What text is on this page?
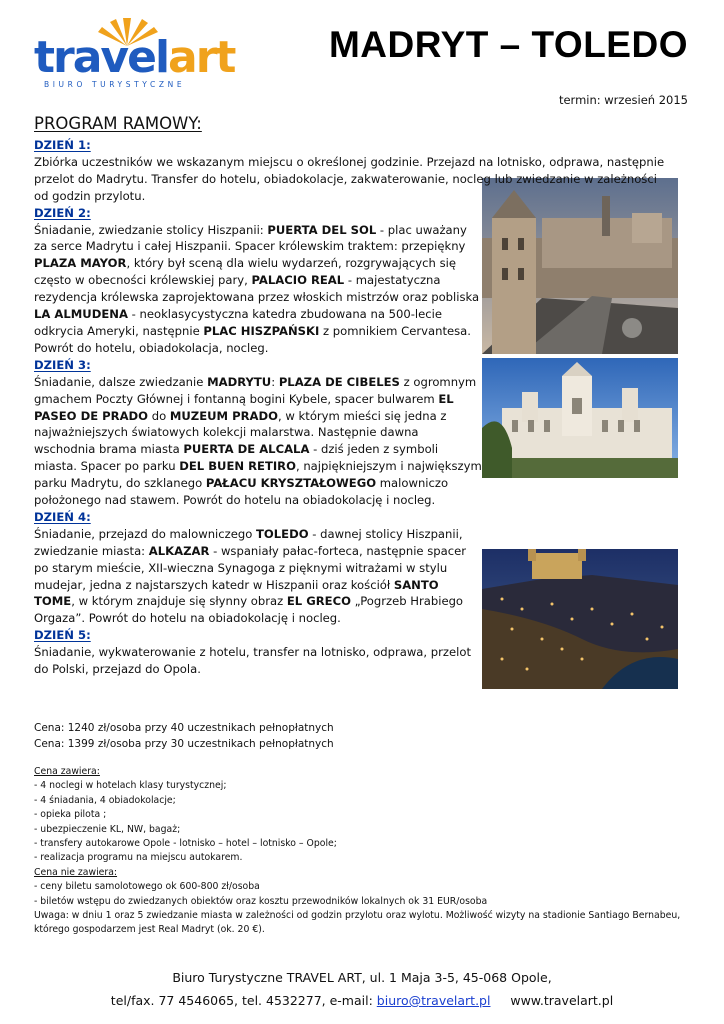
travelart
BIURO TURYSTYCZNE
MADRYT – TOLEDO
termin: wrzesień 2015
PROGRAM RAMOWY:
DZIEŃ 1:

Zbiórka uczestników we wskazanym miejscu o określonej godzinie. Przejazd na lotnisko, odprawa, następnie przelot do Madrytu. Transfer do hotelu, obiadokolacje, zakwaterowanie, nocleg lub zwiedzanie w zależności od godzin przylotu.

DZIEŃ 2:

Śniadanie, zwiedzanie stolicy Hiszpanii: PUERTA DEL SOL - plac uważany za serce Madrytu i całej Hiszpanii. Spacer królewskim traktem: przepiękny PLAZA MAYOR, który był sceną dla wielu wydarzeń, rozgrywających się często w obecności królewskiej pary, PALACIO REAL - majestatyczna rezydencja królewska zaprojektowana przez włoskich mistrzów oraz pobliska LA ALMUDENA - neoklasycystyczna katedra zbudowana na 500-lecie odkrycia Ameryki, następnie PLAC HISZPAŃSKI z pomnikiem Cervantesa. Powrót do hotelu, obiadokolacja, nocleg.

DZIEŃ 3:

Śniadanie, dalsze zwiedzanie MADRYTU: PLAZA DE CIBELES z ogromnym gmachem Poczty Głównej i fontanną bogini Kybele, spacer bulwarem EL PASEO DE PRADO do MUZEUM PRADO, w którym mieści się jedna z najważniejszych światowych kolekcji malarstwa. Następnie dawna wschodnia brama miasta PUERTA DE ALCALA - dziś jeden z symboli miasta. Spacer po parku DEL BUEN RETIRO, najpiękniejszym i największym parku Madrytu, do szklanego PAŁACU KRYSZTAŁOWEGO malowniczo położonego nad stawem. Powrót do hotelu na obiadokolację i nocleg.

DZIEŃ 4:

Śniadanie, przejazd do malowniczego TOLEDO - dawnej stolicy Hiszpanii, zwiedzanie miasta: ALKAZAR - wspaniały pałac-forteca, następnie spacer po starym mieście, XII-wieczna Synagoga z pięknymi witrażami w stylu mudejar, jedna z najstarszych katedr w Hiszpanii oraz kościół SANTO TOME, w którym znajduje się słynny obraz EL GRECO „Pogrzeb Hrabiego Orgaza”. Powrót do hotelu na obiadokolację i nocleg.

DZIEŃ 5:

Śniadanie, wykwaterowanie z hotelu, transfer na lotnisko, odprawa, przelot do Polski, przejazd do Opola.

Cena: 1240 zł/osoba przy 40 uczestnikach pełnopłatnych
Cena: 1399 zł/osoba przy 30 uczestnikach pełnopłatnych
Cena zawiera:
- 4 noclegi w hotelach klasy turystycznej;
- 4 śniadania, 4 obiadokolacje;
- opieka pilota ;
- ubezpieczenie KL, NW, bagaż;
- transfery autokarowe Opole - lotnisko – hotel – lotnisko – Opole;
- realizacja programu na miejscu autokarem.
Cena nie zawiera:
- ceny biletu samolotowego ok 600-800 zł/osoba
- biletów wstępu do zwiedzanych obiektów oraz kosztu przewodników lokalnych ok 31 EUR/osoba
Uwaga: w dniu 1 oraz 5 zwiedzanie miasta w zależności od godzin przylotu oraz wylotu. Możliwość wizyty na stadionie Santiago Bernabeu, którego gospodarzem jest Real Madryt (ok. 20 €).
Biuro Turystyczne TRAVEL ART, ul. 1 Maja 3-5, 45-068 Opole,
tel/fax. 77 4546065, tel. 4532277, e-mail: biuro@travelart.pl www.travelart.pl
